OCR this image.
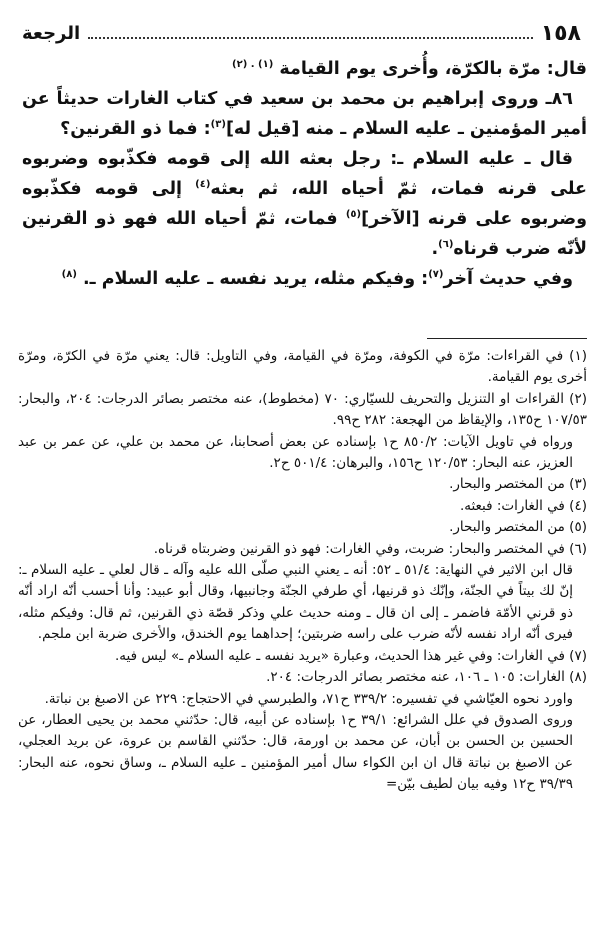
١٥٨
الرجعة

قال: مرّة بالكرّة، وأُخرى يوم القيامة $^{(١) . (٢)}$

٨٦ـ وروى إبراهيم بن محمد بن سعيد في كتاب الغارات حديثاً عن أمير المؤمنين ـ عليه السلام ـ منه [قيل له]$^{(٣)}$: فما ذو القرنين؟

قال ـ عليه السلام ـ: رجل بعثه الله إلى قومه فكذّبوه وضربوه على قرنه فمات، ثمّ أحياه الله، ثم بعثه$^{(٤)}$ إلى قومه فكذّبوه وضربوه على قرنه [الآخر]$^{(٥)}$ فمات، ثمّ أحياه الله فهو ذو القرنين لأنّه ضرب قرناه$^{(٦)}$.

وفي حديث آخر$^{(٧)}$: وفيكم مثله، يريد نفسه ـ عليه السلام ـ. $^{(٨)}$

(١) في القراءات: مرّة في الكوفة، ومرّة في القيامة، وفي التاويل: قال: يعني مرّة في الكرّة، ومرّة أخرى يوم القيامة.

(٢) القراءات او التنزيل والتحريف للسيّاري: ٧٠ (مخطوط)، عنه مختصر بصائر الدرجات: ٢٠٤، والبحار: ١٠٧/٥٣ ح١٣٥، والإيقاظ من الهجعة: ٢٨٢ ح٩٩.

ورواه في تاويل الآيات: ٨٥٠/٢ ح١ بإسناده عن بعض أصحابنا، عن محمد بن علي، عن عمر بن عبد العزيز، عنه البحار: ١٢٠/٥٣ ح١٥٦، والبرهان: ٥٠١/٤ ح٢.

(٣) من المختصر والبحار.

(٤) في الغارات: فبعثه.

(٥) من المختصر والبحار.

(٦) في المختصر والبحار: ضربت، وفي الغارات: فهو ذو القرنين وضربتاه قرناه.

قال ابن الاثير في النهاية: ٥١/٤ ـ ٥٢: أنه ـ يعني النبي صلّى الله عليه وآله ـ قال لعلي ـ عليه السلام ـ: إنّ لك بيتاً في الجنّة، وإنّك ذو قرنيها، أي طرفي الجنّة وجانبيها، وقال أبو عبيد: وأنا أحسب أنّه اراد أنّه ذو قرني الأمّة فاضمر ـ إلى ان قال ـ ومنه حديث علي وذكر قصّة ذي القرنين، ثم قال: وفيكم مثله، فيرى أنّه اراد نفسه لأنّه ضرب على راسه ضربتين؛ إحداهما يوم الخندق، والأخرى ضربة ابن ملجم.

(٧) في الغارات: وفي غير هذا الحديث، وعبارة «يريد نفسه ـ عليه السلام ـ» ليس فيه.

(٨) الغارات: ١٠٥ ـ ١٠٦، عنه مختصر بصائر الدرجات: ٢٠٤.

واورد نحوه العيّاشي في تفسيره: ٣٣٩/٢ ح٧١، والطبرسي في الاحتجاج: ٢٢٩ عن الاصبغ بن نباتة.

وروى الصدوق في علل الشرائع: ٣٩/١ ح١ بإسناده عن أبيه، قال: حدّثني محمد بن يحيى العطار، عن الحسين بن الحسن بن أبان، عن محمد بن اورمة، قال: حدّثني القاسم بن عروة، عن بريد العجلي، عن الاصبغ بن نباتة قال ان ابن الكواء سال أمير المؤمنين ـ عليه السلام ـ، وساق نحوه، عنه البحار: ٣٩/٣٩ ح١٢ وفيه بيان لطيف بيّن=
